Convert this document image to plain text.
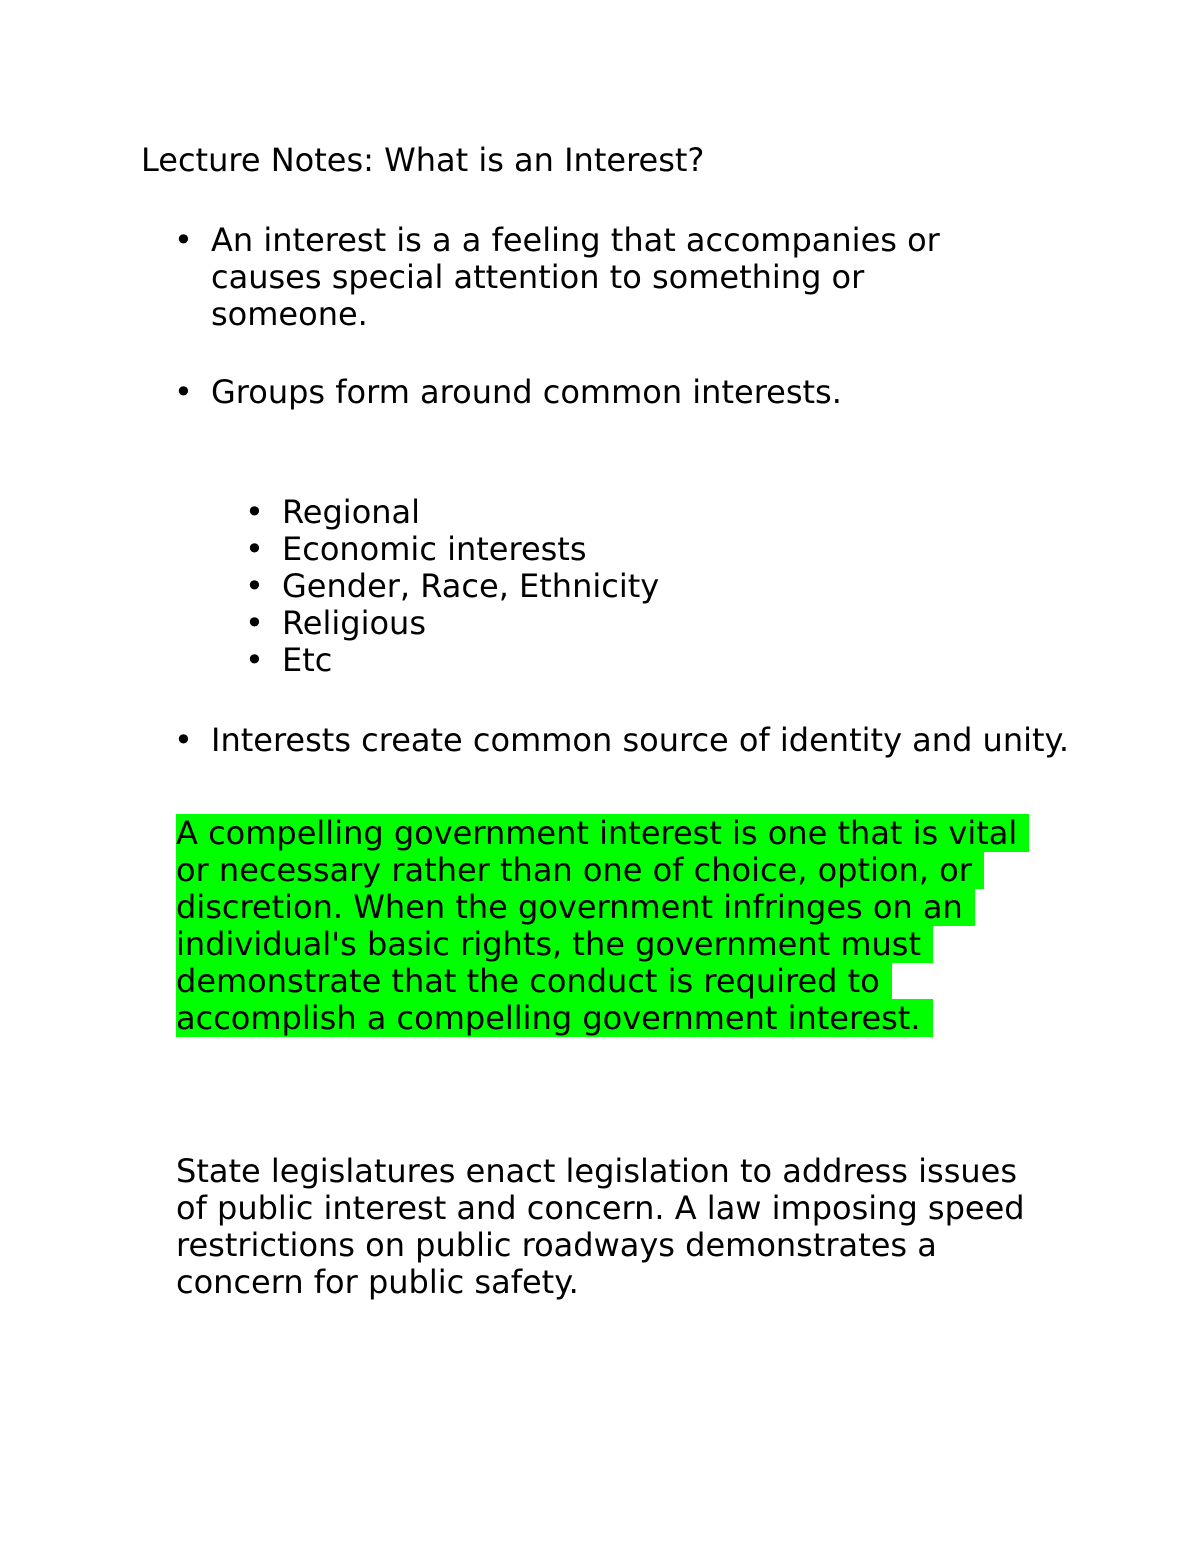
Lecture Notes: What is an Interest?
• An interest is a a feeling that accompanies or causes special attention to something or someone.
• Groups form around common interests.
• Regional
• Economic interests
• Gender, Race, Ethnicity
• Religious
• Etc
• Interests create common source of identity and unity.
A compelling government interest is one that is vital or necessary rather than one of choice, option, or discretion. When the government infringes on an individual's basic rights, the government must demonstrate that the conduct is required to accomplish a compelling government interest.
State legislatures enact legislation to address issues of public interest and concern. A law imposing speed restrictions on public roadways demonstrates a concern for public safety.
